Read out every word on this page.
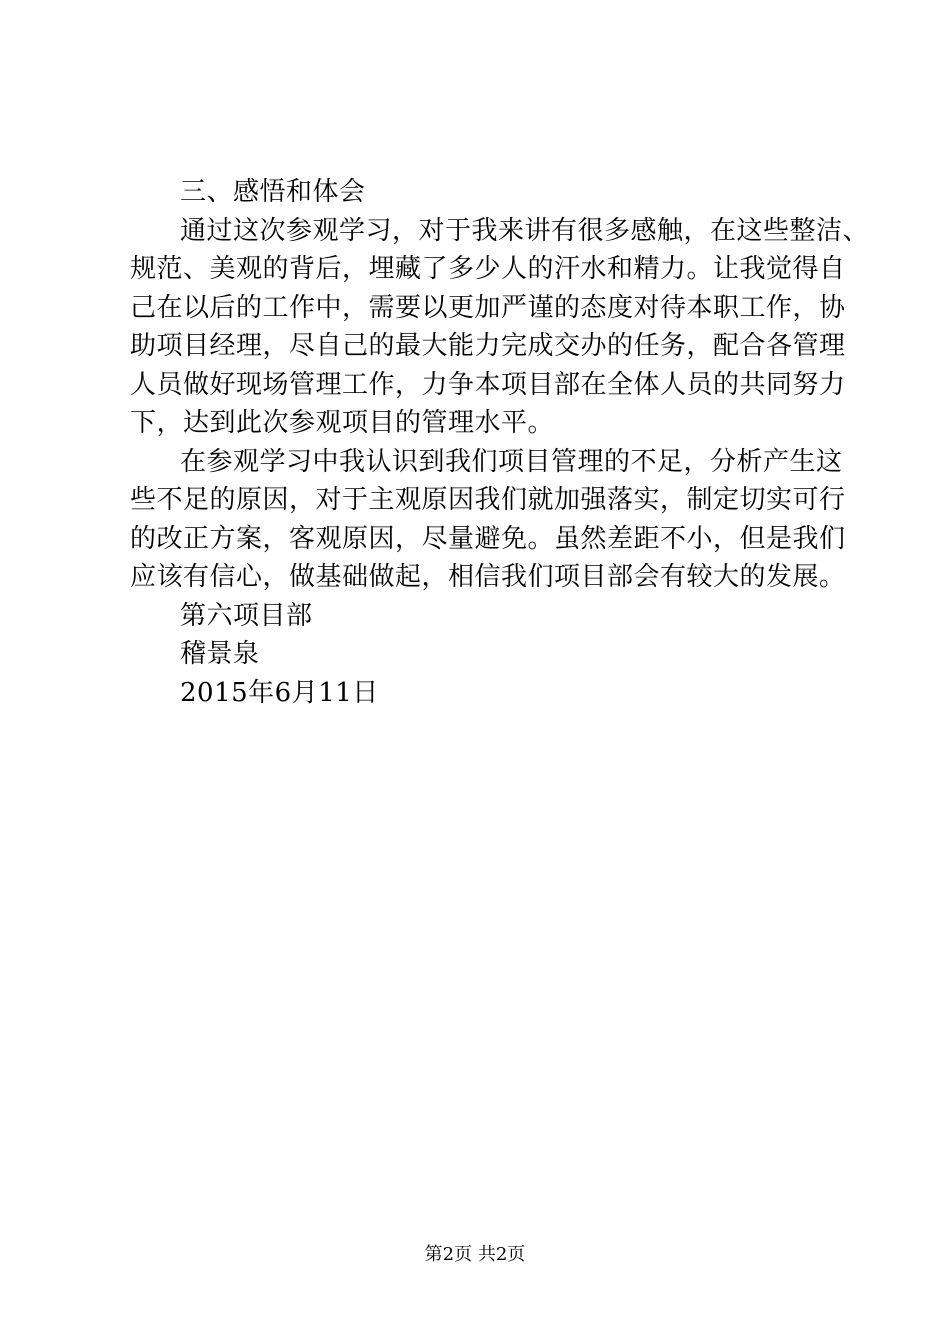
三、感悟和体会
通过这次参观学习，对于我来讲有很多感触，在这些整洁、
规范、美观的背后，埋藏了多少人的汗水和精力。让我觉得自
己在以后的工作中，需要以更加严谨的态度对待本职工作，协
助项目经理，尽自己的最大能力完成交办的任务，配合各管理
人员做好现场管理工作，力争本项目部在全体人员的共同努力
下，达到此次参观项目的管理水平。
在参观学习中我认识到我们项目管理的不足，分析产生这
些不足的原因，对于主观原因我们就加强落实，制定切实可行
的改正方案，客观原因，尽量避免。虽然差距不小，但是我们
应该有信心，做基础做起，相信我们项目部会有较大的发展。
第六项目部
稽景泉
2015年6月11日
第2页 共2页
